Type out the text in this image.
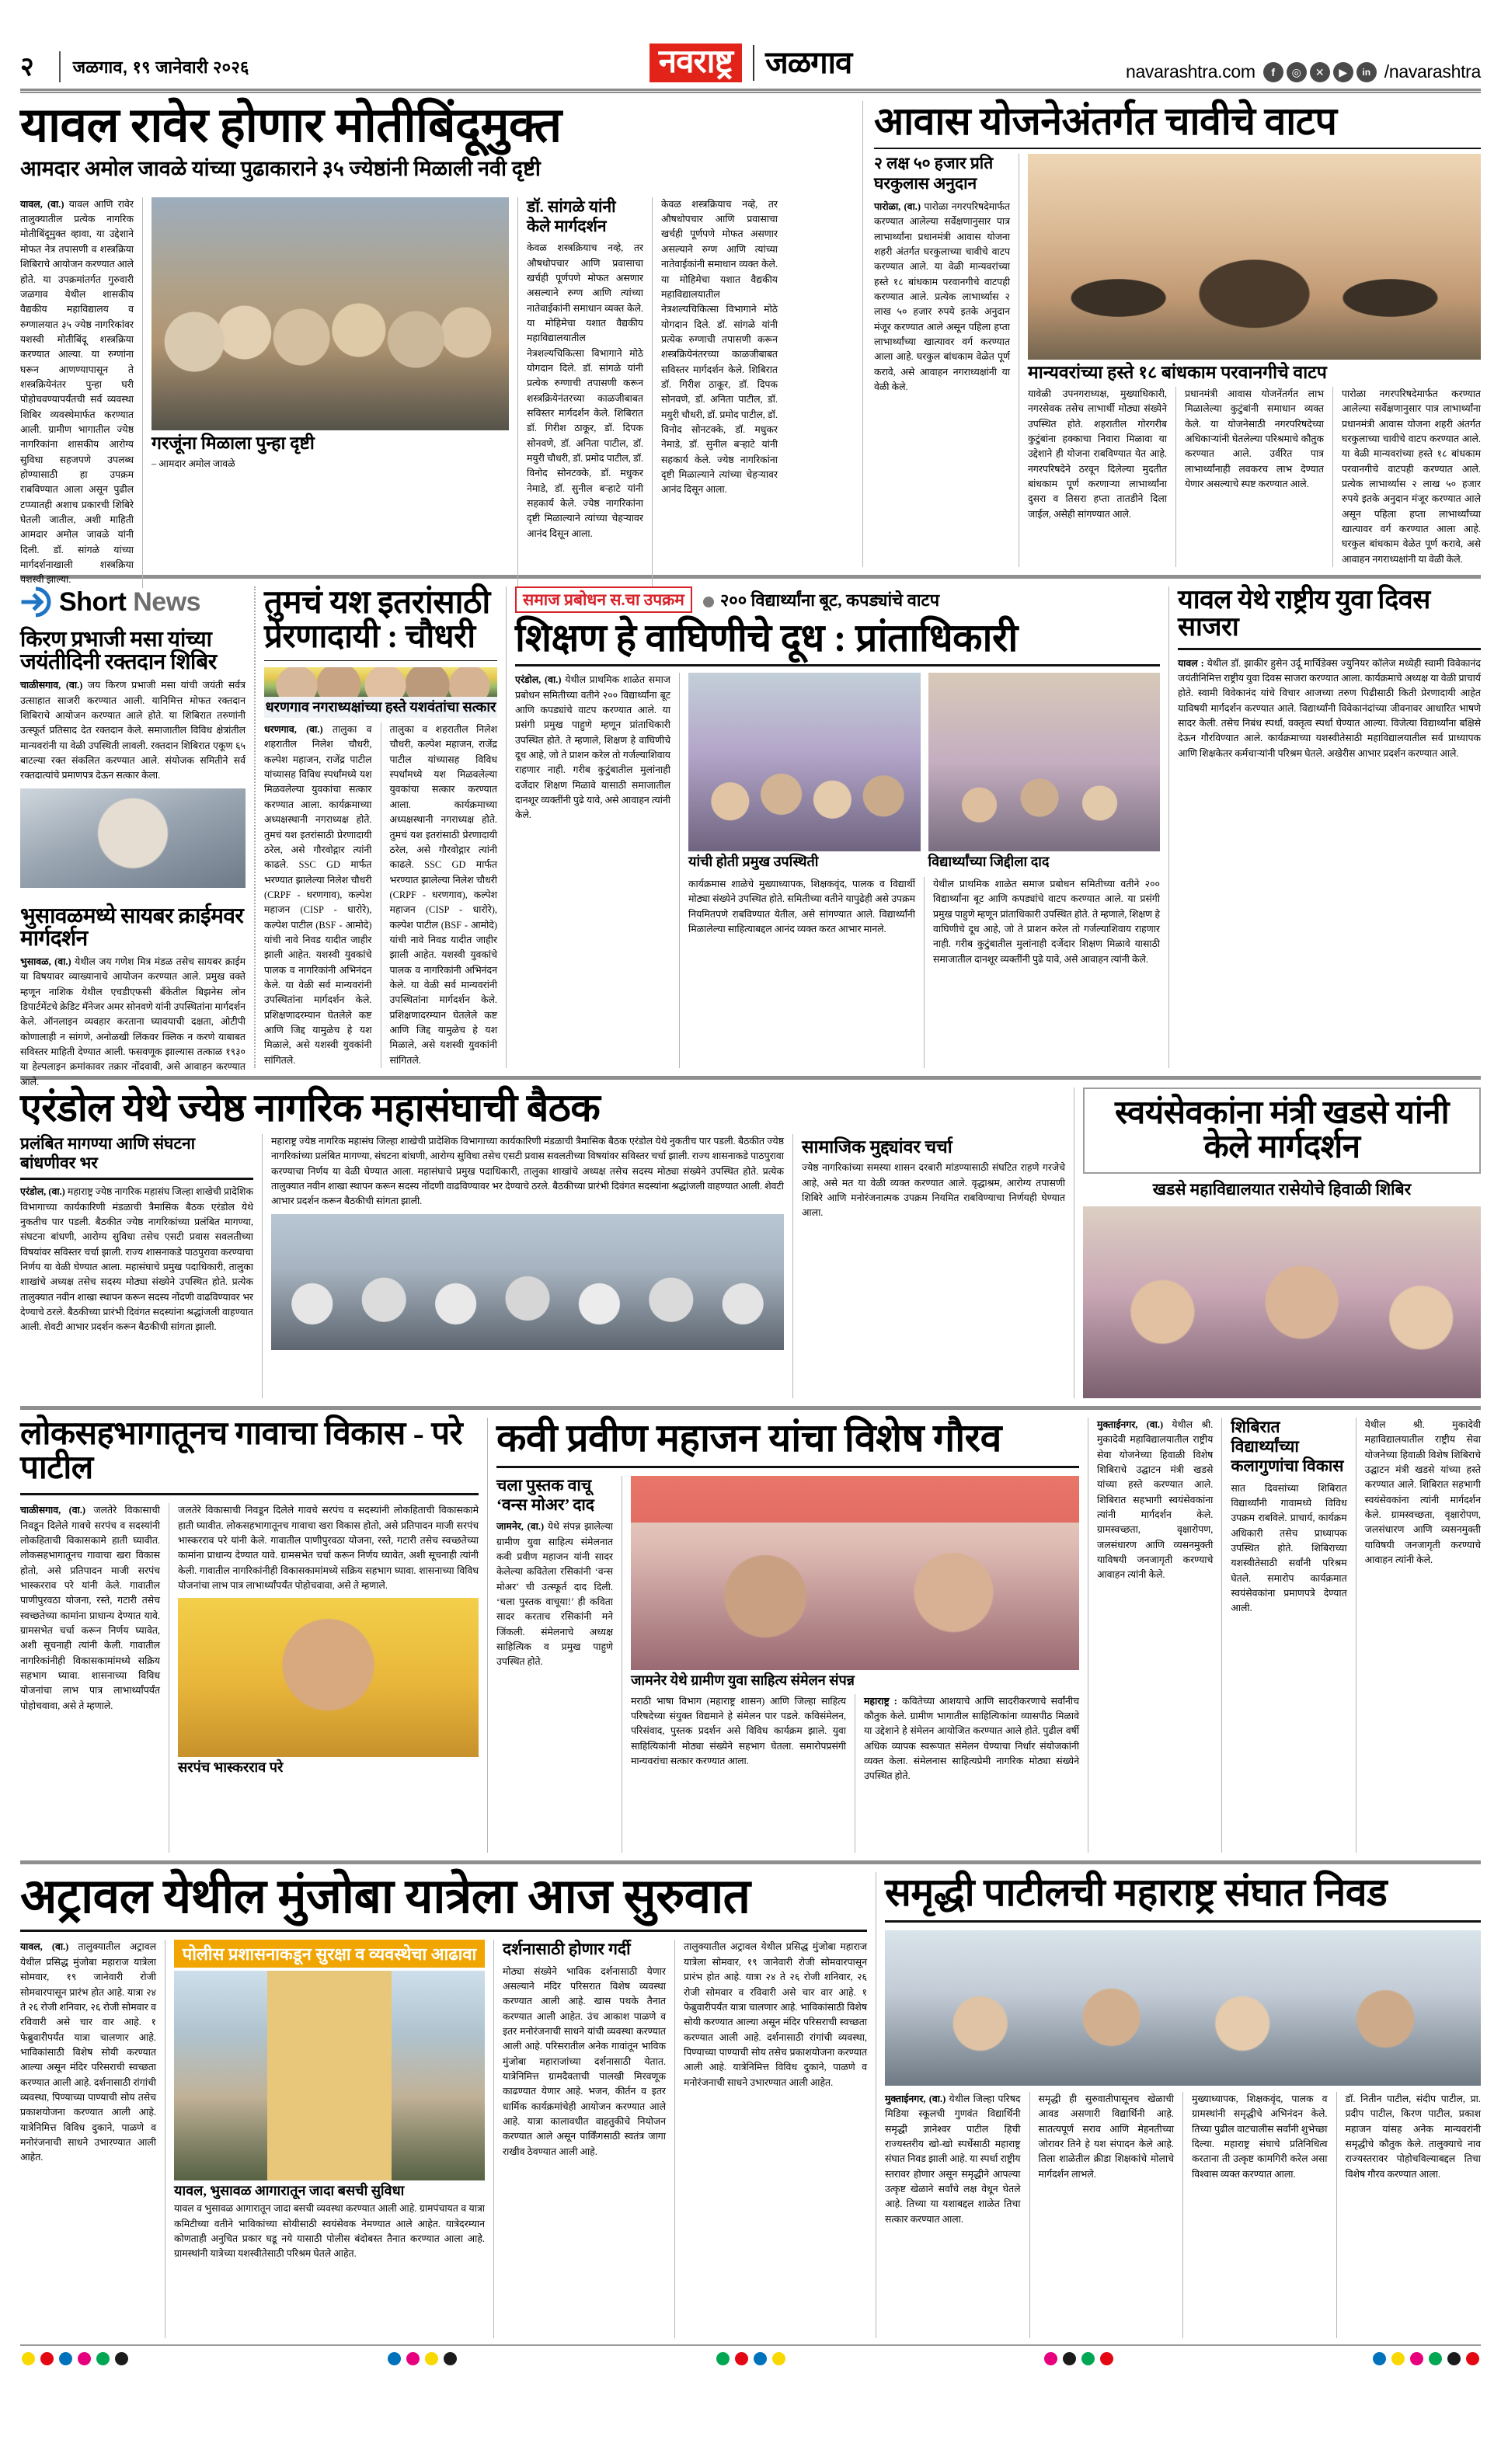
२	जळगाव, १९ जानेवारी २०२६	नवराष्ट्र	जळगाव	navarashtra.com	f	◎	✕	▶	in /navarashtra
यावल रावेर होणार मोतीबिंदूमुक्त
आमदार अमोल जावळे यांच्या पुढाकाराने ३५ ज्येष्ठांनी मिळाली नवी दृष्टी
यावल, (वा.) यावल आणि रावेर तालुक्यातील प्रत्येक नागरिक मोतीबिंदूमुक्त व्हावा, या उद्देशाने मोफत नेत्र तपासणी व शस्त्रक्रिया शिबिराचे आयोजन करण्यात आले होते. या उपक्रमांतर्गत गुरुवारी जळगाव येथील शासकीय वैद्यकीय महाविद्यालय व रुग्णालयात ३५ ज्येष्ठ नागरिकांवर यशस्वी मोतीबिंदू शस्त्रक्रिया करण्यात आल्या. या रुग्णांना घरून आणण्यापासून ते शस्त्रक्रियेनंतर पुन्हा घरी पोहोचवण्यापर्यंतची सर्व व्यवस्था शिबिर व्यवस्थेमार्फत करण्यात आली. ग्रामीण भागातील ज्येष्ठ नागरिकांना शासकीय आरोग्य सुविधा सहजपणे उपलब्ध होण्यासाठी हा उपक्रम राबविण्यात आला असून पुढील टप्प्यातही अशाच प्रकारची शिबिरे घेतली जातील, अशी माहिती आमदार अमोल जावळे यांनी दिली. डॉ. सांगळे यांच्या मार्गदर्शनाखाली शस्त्रक्रिया यशस्वी झाल्या.
गरजूंना मिळाला पुन्हा दृष्टी
– आमदार अमोल जावळे
डॉ. सांगळे यांनी केले मार्गदर्शन
केवळ शस्त्रक्रियाच नव्हे, तर औषधोपचार आणि प्रवासाचा खर्चही पूर्णपणे मोफत असणार असल्याने रुग्ण आणि त्यांच्या नातेवाईकांनी समाधान व्यक्त केले. या मोहिमेचा यशात वैद्यकीय महाविद्यालयातील नेत्रशल्यचिकित्सा विभागाने मोठे योगदान दिले. डॉ. सांगळे यांनी प्रत्येक रुग्णाची तपासणी करून शस्त्रक्रियेनंतरच्या काळजीबाबत सविस्तर मार्गदर्शन केले. शिबिरात डॉ. गिरीश ठाकूर, डॉ. दिपक सोनवणे, डॉ. अनिता पाटील, डॉ. मयुरी चौधरी, डॉ. प्रमोद पाटील, डॉ. विनोद सोनटक्के, डॉ. मधुकर नेमाडे, डॉ. सुनील बऱ्हाटे यांनी सहकार्य केले. ज्येष्ठ नागरिकांना दृष्टी मिळाल्याने त्यांच्या चेहऱ्यावर आनंद दिसून आला.
केवळ शस्त्रक्रियाच नव्हे, तर औषधोपचार आणि प्रवासाचा खर्चही पूर्णपणे मोफत असणार असल्याने रुग्ण आणि त्यांच्या नातेवाईकांनी समाधान व्यक्त केले. या मोहिमेचा यशात वैद्यकीय महाविद्यालयातील नेत्रशल्यचिकित्सा विभागाने मोठे योगदान दिले. डॉ. सांगळे यांनी प्रत्येक रुग्णाची तपासणी करून शस्त्रक्रियेनंतरच्या काळजीबाबत सविस्तर मार्गदर्शन केले. शिबिरात डॉ. गिरीश ठाकूर, डॉ. दिपक सोनवणे, डॉ. अनिता पाटील, डॉ. मयुरी चौधरी, डॉ. प्रमोद पाटील, डॉ. विनोद सोनटक्के, डॉ. मधुकर नेमाडे, डॉ. सुनील बऱ्हाटे यांनी सहकार्य केले. ज्येष्ठ नागरिकांना दृष्टी मिळाल्याने त्यांच्या चेहऱ्यावर आनंद दिसून आला.
आवास योजनेअंतर्गत चावीचे वाटप
२ लक्ष ५० हजार प्रति घरकुलास अनुदान
पारोळा, (वा.) पारोळा नगरपरिषदेमार्फत करण्यात आलेल्या सर्वेक्षणानुसार पात्र लाभार्थ्यांना प्रधानमंत्री आवास योजना शहरी अंतर्गत घरकुलाच्या चावीचे वाटप करण्यात आले. या वेळी मान्यवरांच्या हस्ते १८ बांधकाम परवानगीचे वाटपही करण्यात आले. प्रत्येक लाभार्थ्यास २ लाख ५० हजार रुपये इतके अनुदान मंजूर करण्यात आले असून पहिला हप्ता लाभार्थ्यांच्या खात्यावर वर्ग करण्यात आला आहे. घरकुल बांधकाम वेळेत पूर्ण करावे, असे आवाहन नगराध्यक्षांनी या वेळी केले.
मान्यवरांच्या हस्ते १८ बांधकाम परवानगीचे वाटप
यावेळी उपनगराध्यक्ष, मुख्याधिकारी, नगरसेवक तसेच लाभार्थी मोठ्या संख्येने उपस्थित होते. शहरातील गोरगरीब कुटुंबांना हक्काचा निवारा मिळावा या उद्देशाने ही योजना राबविण्यात येत आहे. नगरपरिषदेने ठरवून दिलेल्या मुदतीत बांधकाम पूर्ण करणाऱ्या लाभार्थ्यांना दुसरा व तिसरा हप्ता तातडीने दिला जाईल, असेही सांगण्यात आले.
प्रधानमंत्री आवास योजनेंतर्गत लाभ मिळालेल्या कुटुंबांनी समाधान व्यक्त केले. या योजनेसाठी नगरपरिषदेच्या अधिकाऱ्यांनी घेतलेल्या परिश्रमाचे कौतुक करण्यात आले. उर्वरित पात्र लाभार्थ्यांनाही लवकरच लाभ देण्यात येणार असल्याचे स्पष्ट करण्यात आले.
पारोळा नगरपरिषदेमार्फत करण्यात आलेल्या सर्वेक्षणानुसार पात्र लाभार्थ्यांना प्रधानमंत्री आवास योजना शहरी अंतर्गत घरकुलाच्या चावीचे वाटप करण्यात आले. या वेळी मान्यवरांच्या हस्ते १८ बांधकाम परवानगीचे वाटपही करण्यात आले. प्रत्येक लाभार्थ्यास २ लाख ५० हजार रुपये इतके अनुदान मंजूर करण्यात आले असून पहिला हप्ता लाभार्थ्यांच्या खात्यावर वर्ग करण्यात आला आहे. घरकुल बांधकाम वेळेत पूर्ण करावे, असे आवाहन नगराध्यक्षांनी या वेळी केले.
Short News
किरण प्रभाजी मसा यांच्या जयंतीदिनी रक्तदान शिबिर
चाळीसगाव, (वा.) जय किरण प्रभाजी मसा यांची जयंती सर्वत्र उत्साहात साजरी करण्यात आली. यानिमित्त मोफत रक्तदान शिबिराचे आयोजन करण्यात आले होते. या शिबिरात तरुणांनी उत्स्फूर्त प्रतिसाद देत रक्तदान केले. समाजातील विविध क्षेत्रांतील मान्यवरांनी या वेळी उपस्थिती लावली. रक्तदान शिबिरात एकूण ६५ बाटल्या रक्त संकलित करण्यात आले. संयोजक समितीने सर्व रक्तदात्यांचे प्रमाणपत्र देऊन सत्कार केला.
भुसावळमध्ये सायबर क्राईमवर मार्गदर्शन
भुसावळ, (वा.) येथील जय गणेश मित्र मंडळ तसेच सायबर क्राईम या विषयावर व्याख्यानाचे आयोजन करण्यात आले. प्रमुख वक्ते म्हणून नाशिक येथील एचडीएफसी बँकेतील बिझनेस लोन डिपार्टमेंटचे क्रेडिट मॅनेजर अमर सोनवणे यांनी उपस्थितांना मार्गदर्शन केले. ऑनलाइन व्यवहार करताना घ्यावयाची दक्षता, ओटीपी कोणालाही न सांगणे, अनोळखी लिंकवर क्लिक न करणे याबाबत सविस्तर माहिती देण्यात आली. फसवणूक झाल्यास तत्काळ १९३० या हेल्पलाइन क्रमांकावर तक्रार नोंदवावी, असे आवाहन करण्यात आले.
तुमचं यश इतरांसाठी प्रेरणादायी : चौधरी
धरणगाव नगराध्यक्षांच्या हस्ते यशवंतांचा सत्कार
धरणगाव, (वा.) तालुका व शहरातील निलेश चौधरी, कल्पेश महाजन, राजेंद्र पाटील यांच्यासह विविध स्पर्धांमध्ये यश मिळवलेल्या युवकांचा सत्कार करण्यात आला. कार्यक्रमाच्या अध्यक्षस्थानी नगराध्यक्ष होते. तुमचं यश इतरांसाठी प्रेरणादायी ठरेल, असे गौरवोद्गार त्यांनी काढले. SSC GD मार्फत भरण्यात झालेल्या निलेश चौधरी (CRPF - धरणगाव), कल्पेश महाजन (CISP - धारोरे), कल्पेश पाटील (BSF - आमोदे) यांची नावे निवड यादीत जाहीर झाली आहेत. यशस्वी युवकांचे पालक व नागरिकांनी अभिनंदन केले. या वेळी सर्व मान्यवरांनी उपस्थितांना मार्गदर्शन केले. प्रशिक्षणादरम्यान घेतलेले कष्ट आणि जिद्द यामुळेच हे यश मिळाले, असे यशस्वी युवकांनी सांगितले.
तालुका व शहरातील निलेश चौधरी, कल्पेश महाजन, राजेंद्र पाटील यांच्यासह विविध स्पर्धांमध्ये यश मिळवलेल्या युवकांचा सत्कार करण्यात आला. कार्यक्रमाच्या अध्यक्षस्थानी नगराध्यक्ष होते. तुमचं यश इतरांसाठी प्रेरणादायी ठरेल, असे गौरवोद्गार त्यांनी काढले. SSC GD मार्फत भरण्यात झालेल्या निलेश चौधरी (CRPF - धरणगाव), कल्पेश महाजन (CISP - धारोरे), कल्पेश पाटील (BSF - आमोदे) यांची नावे निवड यादीत जाहीर झाली आहेत. यशस्वी युवकांचे पालक व नागरिकांनी अभिनंदन केले. या वेळी सर्व मान्यवरांनी उपस्थितांना मार्गदर्शन केले. प्रशिक्षणादरम्यान घेतलेले कष्ट आणि जिद्द यामुळेच हे यश मिळाले, असे यशस्वी युवकांनी सांगितले.
समाज प्रबोधन स.चा उपक्रम	२०० विद्यार्थ्यांना बूट, कपड्यांचे वाटप
शिक्षण हे वाघिणीचे दूध : प्रांताधिकारी
एरंडोल, (वा.) येथील प्राथमिक शाळेत समाज प्रबोधन समितीच्या वतीने २०० विद्यार्थ्यांना बूट आणि कपड्यांचे वाटप करण्यात आले. या प्रसंगी प्रमुख पाहुणे म्हणून प्रांताधिकारी उपस्थित होते. ते म्हणाले, शिक्षण हे वाघिणीचे दूध आहे, जो ते प्राशन करेल तो गर्जल्याशिवाय राहणार नाही. गरीब कुटुंबातील मुलांनाही दर्जेदार शिक्षण मिळावे यासाठी समाजातील दानशूर व्यक्तींनी पुढे यावे, असे आवाहन त्यांनी केले.
यांची होती प्रमुख उपस्थिती	विद्यार्थ्यांच्या जिद्दीला दाद
कार्यक्रमास शाळेचे मुख्याध्यापक, शिक्षकवृंद, पालक व विद्यार्थी मोठ्या संख्येने उपस्थित होते. समितीच्या वतीने यापुढेही असे उपक्रम नियमितपणे राबविण्यात येतील, असे सांगण्यात आले. विद्यार्थ्यांनी मिळालेल्या साहित्याबद्दल आनंद व्यक्त करत आभार मानले.
येथील प्राथमिक शाळेत समाज प्रबोधन समितीच्या वतीने २०० विद्यार्थ्यांना बूट आणि कपड्यांचे वाटप करण्यात आले. या प्रसंगी प्रमुख पाहुणे म्हणून प्रांताधिकारी उपस्थित होते. ते म्हणाले, शिक्षण हे वाघिणीचे दूध आहे, जो ते प्राशन करेल तो गर्जल्याशिवाय राहणार नाही. गरीब कुटुंबातील मुलांनाही दर्जेदार शिक्षण मिळावे यासाठी समाजातील दानशूर व्यक्तींनी पुढे यावे, असे आवाहन त्यांनी केले.
यावल येथे राष्ट्रीय युवा दिवस साजरा
यावल : येथील डॉ. झाकीर हुसेन उर्दू मार्चिडेक्स ज्युनियर कॉलेज मध्येही स्वामी विवेकानंद जयंतीनिमित्त राष्ट्रीय युवा दिवस साजरा करण्यात आला. कार्यक्रमाचे अध्यक्ष या वेळी प्राचार्य होते. स्वामी विवेकानंद यांचे विचार आजच्या तरुण पिढीसाठी किती प्रेरणादायी आहेत याविषयी मार्गदर्शन करण्यात आले. विद्यार्थ्यांनी विवेकानंदांच्या जीवनावर आधारित भाषणे सादर केली. तसेच निबंध स्पर्धा, वक्तृत्व स्पर्धा घेण्यात आल्या. विजेत्या विद्यार्थ्यांना बक्षिसे देऊन गौरविण्यात आले. कार्यक्रमाच्या यशस्वीतेसाठी महाविद्यालयातील सर्व प्राध्यापक आणि शिक्षकेतर कर्मचाऱ्यांनी परिश्रम घेतले. अखेरीस आभार प्रदर्शन करण्यात आले.
एरंडोल येथे ज्येष्ठ नागरिक महासंघाची बैठक
प्रलंबित मागण्या आणि संघटना बांधणीवर भर
एरंडोल, (वा.) महाराष्ट्र ज्येष्ठ नागरिक महासंघ जिल्हा शाखेची प्रादेशिक विभागाच्या कार्यकारिणी मंडळाची त्रैमासिक बैठक एरंडोल येथे नुकतीच पार पडली. बैठकीत ज्येष्ठ नागरिकांच्या प्रलंबित मागण्या, संघटना बांधणी, आरोग्य सुविधा तसेच एसटी प्रवास सवलतीच्या विषयांवर सविस्तर चर्चा झाली. राज्य शासनाकडे पाठपुरावा करण्याचा निर्णय या वेळी घेण्यात आला. महासंघाचे प्रमुख पदाधिकारी, तालुका शाखांचे अध्यक्ष तसेच सदस्य मोठ्या संख्येने उपस्थित होते. प्रत्येक तालुक्यात नवीन शाखा स्थापन करून सदस्य नोंदणी वाढविण्यावर भर देण्याचे ठरले. बैठकीच्या प्रारंभी दिवंगत सदस्यांना श्रद्धांजली वाहण्यात आली. शेवटी आभार प्रदर्शन करून बैठकीची सांगता झाली.
महाराष्ट्र ज्येष्ठ नागरिक महासंघ जिल्हा शाखेची प्रादेशिक विभागाच्या कार्यकारिणी मंडळाची त्रैमासिक बैठक एरंडोल येथे नुकतीच पार पडली. बैठकीत ज्येष्ठ नागरिकांच्या प्रलंबित मागण्या, संघटना बांधणी, आरोग्य सुविधा तसेच एसटी प्रवास सवलतीच्या विषयांवर सविस्तर चर्चा झाली. राज्य शासनाकडे पाठपुरावा करण्याचा निर्णय या वेळी घेण्यात आला. महासंघाचे प्रमुख पदाधिकारी, तालुका शाखांचे अध्यक्ष तसेच सदस्य मोठ्या संख्येने उपस्थित होते. प्रत्येक तालुक्यात नवीन शाखा स्थापन करून सदस्य नोंदणी वाढविण्यावर भर देण्याचे ठरले. बैठकीच्या प्रारंभी दिवंगत सदस्यांना श्रद्धांजली वाहण्यात आली. शेवटी आभार प्रदर्शन करून बैठकीची सांगता झाली.
सामाजिक मुद्द्यांवर चर्चा
ज्येष्ठ नागरिकांच्या समस्या शासन दरबारी मांडण्यासाठी संघटित राहणे गरजेचे आहे, असे मत या वेळी व्यक्त करण्यात आले. वृद्धाश्रम, आरोग्य तपासणी शिबिरे आणि मनोरंजनात्मक उपक्रम नियमित राबविण्याचा निर्णयही घेण्यात आला.
स्वयंसेवकांना मंत्री खडसे यांनी केले मार्गदर्शन
खडसे महाविद्यालयात रासेयोचे हिवाळी शिबिर
लोकसहभागातूनच गावाचा विकास - परे पाटील
चाळीसगाव, (वा.) जलतेरे विकासाची निवडून दिलेले गावचे सरपंच व सदस्यांनी लोकहिताची विकासकामे हाती घ्यावीत. लोकसहभागातूनच गावाचा खरा विकास होतो, असे प्रतिपादन माजी सरपंच भास्करराव परे यांनी केले. गावातील पाणीपुरवठा योजना, रस्ते, गटारी तसेच स्वच्छतेच्या कामांना प्राधान्य देण्यात यावे. ग्रामसभेत चर्चा करून निर्णय घ्यावेत, अशी सूचनाही त्यांनी केली. गावातील नागरिकांनीही विकासकामांमध्ये सक्रिय सहभाग घ्यावा. शासनाच्या विविध योजनांचा लाभ पात्र लाभार्थ्यांपर्यंत पोहोचवावा, असे ते म्हणाले.
जलतेरे विकासाची निवडून दिलेले गावचे सरपंच व सदस्यांनी लोकहिताची विकासकामे हाती घ्यावीत. लोकसहभागातूनच गावाचा खरा विकास होतो, असे प्रतिपादन माजी सरपंच भास्करराव परे यांनी केले. गावातील पाणीपुरवठा योजना, रस्ते, गटारी तसेच स्वच्छतेच्या कामांना प्राधान्य देण्यात यावे. ग्रामसभेत चर्चा करून निर्णय घ्यावेत, अशी सूचनाही त्यांनी केली. गावातील नागरिकांनीही विकासकामांमध्ये सक्रिय सहभाग घ्यावा. शासनाच्या विविध योजनांचा लाभ पात्र लाभार्थ्यांपर्यंत पोहोचवावा, असे ते म्हणाले.
सरपंच भास्करराव परे
कवी प्रवीण महाजन यांचा विशेष गौरव
चला पुस्तक वाचू ‘वन्स मोअर’ दाद
जामनेर, (वा.) येथे संपन्न झालेल्या ग्रामीण युवा साहित्य संमेलनात कवी प्रवीण महाजन यांनी सादर केलेल्या कवितेला रसिकांनी ‘वन्स मोअर’ ची उत्स्फूर्त दाद दिली. ‘चला पुस्तक वाचूया!’ ही कविता सादर करताच रसिकांनी मने जिंकली. संमेलनाचे अध्यक्ष साहित्यिक व प्रमुख पाहुणे उपस्थित होते.
जामनेर येथे ग्रामीण युवा साहित्य संमेलन संपन्न
मराठी भाषा विभाग (महाराष्ट्र शासन) आणि जिल्हा साहित्य परिषदेच्या संयुक्त विद्यमाने हे संमेलन पार पडले. कविसंमेलन, परिसंवाद, पुस्तक प्रदर्शन असे विविध कार्यक्रम झाले. युवा साहित्यिकांनी मोठ्या संख्येने सहभाग घेतला. समारोपप्रसंगी मान्यवरांचा सत्कार करण्यात आला.
महाराष्ट्र : कवितेच्या आशयाचे आणि सादरीकरणाचे सर्वांनीच कौतुक केले. ग्रामीण भागातील साहित्यिकांना व्यासपीठ मिळावे या उद्देशाने हे संमेलन आयोजित करण्यात आले होते. पुढील वर्षी अधिक व्यापक स्वरूपात संमेलन घेण्याचा निर्धार संयोजकांनी व्यक्त केला. संमेलनास साहित्यप्रेमी नागरिक मोठ्या संख्येने उपस्थित होते.
मुक्ताईनगर, (वा.) येथील श्री. मुकादेवी महाविद्यालयातील राष्ट्रीय सेवा योजनेच्या हिवाळी विशेष शिबिराचे उद्घाटन मंत्री खडसे यांच्या हस्ते करण्यात आले. शिबिरात सहभागी स्वयंसेवकांना त्यांनी मार्गदर्शन केले. ग्रामस्वच्छता, वृक्षारोपण, जलसंधारण आणि व्यसनमुक्ती याविषयी जनजागृती करण्याचे आवाहन त्यांनी केले.
शिबिरात विद्यार्थ्यांच्या कलागुणांचा विकास
सात दिवसांच्या शिबिरात विद्यार्थ्यांनी गावामध्ये विविध उपक्रम राबविले. प्राचार्य, कार्यक्रम अधिकारी तसेच प्राध्यापक उपस्थित होते. शिबिराच्या यशस्वीतेसाठी सर्वांनी परिश्रम घेतले. समारोप कार्यक्रमात स्वयंसेवकांना प्रमाणपत्रे देण्यात आली.
येथील श्री. मुकादेवी महाविद्यालयातील राष्ट्रीय सेवा योजनेच्या हिवाळी विशेष शिबिराचे उद्घाटन मंत्री खडसे यांच्या हस्ते करण्यात आले. शिबिरात सहभागी स्वयंसेवकांना त्यांनी मार्गदर्शन केले. ग्रामस्वच्छता, वृक्षारोपण, जलसंधारण आणि व्यसनमुक्ती याविषयी जनजागृती करण्याचे आवाहन त्यांनी केले.
अट्रावल येथील मुंजोबा यात्रेला आज सुरुवात
यावल, (वा.) तालुक्यातील अट्रावल येथील प्रसिद्ध मुंजोबा महाराज यात्रेला सोमवार, १९ जानेवारी रोजी सोमवारपासून प्रारंभ होत आहे. यात्रा २४ ते २६ रोजी शनिवार, २६ रोजी सोमवार व रविवारी असे चार वार आहे. १ फेब्रुवारीपर्यंत यात्रा चालणार आहे. भाविकांसाठी विशेष सोयी करण्यात आल्या असून मंदिर परिसराची स्वच्छता करण्यात आली आहे. दर्शनासाठी रांगांची व्यवस्था, पिण्याच्या पाण्याची सोय तसेच प्रकाशयोजना करण्यात आली आहे. यात्रेनिमित्त विविध दुकाने, पाळणे व मनोरंजनाची साधने उभारण्यात आली आहेत.
पोलीस प्रशासनाकडून सुरक्षा व व्यवस्थेचा आढावा
यावल, भुसावळ आगारातून जादा बसची सुविधा
यावल व भुसावळ आगारातून जादा बसची व्यवस्था करण्यात आली आहे. ग्रामपंचायत व यात्रा कमिटीच्या वतीने भाविकांच्या सोयीसाठी स्वयंसेवक नेमण्यात आले आहेत. यात्रेदरम्यान कोणताही अनुचित प्रकार घडू नये यासाठी पोलीस बंदोबस्त तैनात करण्यात आला आहे. ग्रामस्थांनी यात्रेच्या यशस्वीतेसाठी परिश्रम घेतले आहेत.
दर्शनासाठी होणार गर्दी
मोठ्या संख्येने भाविक दर्शनासाठी येणार असल्याने मंदिर परिसरात विशेष व्यवस्था करण्यात आली आहे. खास पथके तैनात करण्यात आली आहेत. उंच आकाश पाळणे व इतर मनोरंजनाची साधने यांची व्यवस्था करण्यात आली आहे. परिसरातील अनेक गावांतून भाविक मुंजोबा महाराजांच्या दर्शनासाठी येतात. यात्रेनिमित्त ग्रामदैवताची पालखी मिरवणूक काढण्यात येणार आहे. भजन, कीर्तन व इतर धार्मिक कार्यक्रमांचेही आयोजन करण्यात आले आहे. यात्रा कालावधीत वाहतुकीचे नियोजन करण्यात आले असून पार्किंगसाठी स्वतंत्र जागा राखीव ठेवण्यात आली आहे.
तालुक्यातील अट्रावल येथील प्रसिद्ध मुंजोबा महाराज यात्रेला सोमवार, १९ जानेवारी रोजी सोमवारपासून प्रारंभ होत आहे. यात्रा २४ ते २६ रोजी शनिवार, २६ रोजी सोमवार व रविवारी असे चार वार आहे. १ फेब्रुवारीपर्यंत यात्रा चालणार आहे. भाविकांसाठी विशेष सोयी करण्यात आल्या असून मंदिर परिसराची स्वच्छता करण्यात आली आहे. दर्शनासाठी रांगांची व्यवस्था, पिण्याच्या पाण्याची सोय तसेच प्रकाशयोजना करण्यात आली आहे. यात्रेनिमित्त विविध दुकाने, पाळणे व मनोरंजनाची साधने उभारण्यात आली आहेत.
समृद्धी पाटीलची महाराष्ट्र संघात निवड
मुक्ताईनगर, (वा.) येथील जिल्हा परिषद मिडिया स्कूलची गुणवंत विद्यार्थिनी समृद्धी ज्ञानेश्वर पाटील हिची राज्यस्तरीय खो-खो स्पर्धेसाठी महाराष्ट्र संघात निवड झाली आहे. या स्पर्धा राष्ट्रीय स्तरावर होणार असून समृद्धीने आपल्या उत्कृष्ट खेळाने सर्वांचे लक्ष वेधून घेतले आहे. तिच्या या यशाबद्दल शाळेत तिचा सत्कार करण्यात आला.
समृद्धी ही सुरुवातीपासूनच खेळाची आवड असणारी विद्यार्थिनी आहे. सातत्यपूर्ण सराव आणि मेहनतीच्या जोरावर तिने हे यश संपादन केले आहे. तिला शाळेतील क्रीडा शिक्षकांचे मोलाचे मार्गदर्शन लाभले.
मुख्याध्यापक, शिक्षकवृंद, पालक व ग्रामस्थांनी समृद्धीचे अभिनंदन केले. तिच्या पुढील वाटचालीस सर्वांनी शुभेच्छा दिल्या. महाराष्ट्र संघाचे प्रतिनिधित्व करताना ती उत्कृष्ट कामगिरी करेल असा विश्वास व्यक्त करण्यात आला.
डॉ. नितीन पाटील, संदीप पाटील, प्रा. प्रदीप पाटील, किरण पाटील, प्रकाश महाजन यांसह अनेक मान्यवरांनी समृद्धीचे कौतुक केले. तालुक्याचे नाव राज्यस्तरावर पोहोचविल्याबद्दल तिचा विशेष गौरव करण्यात आला.
